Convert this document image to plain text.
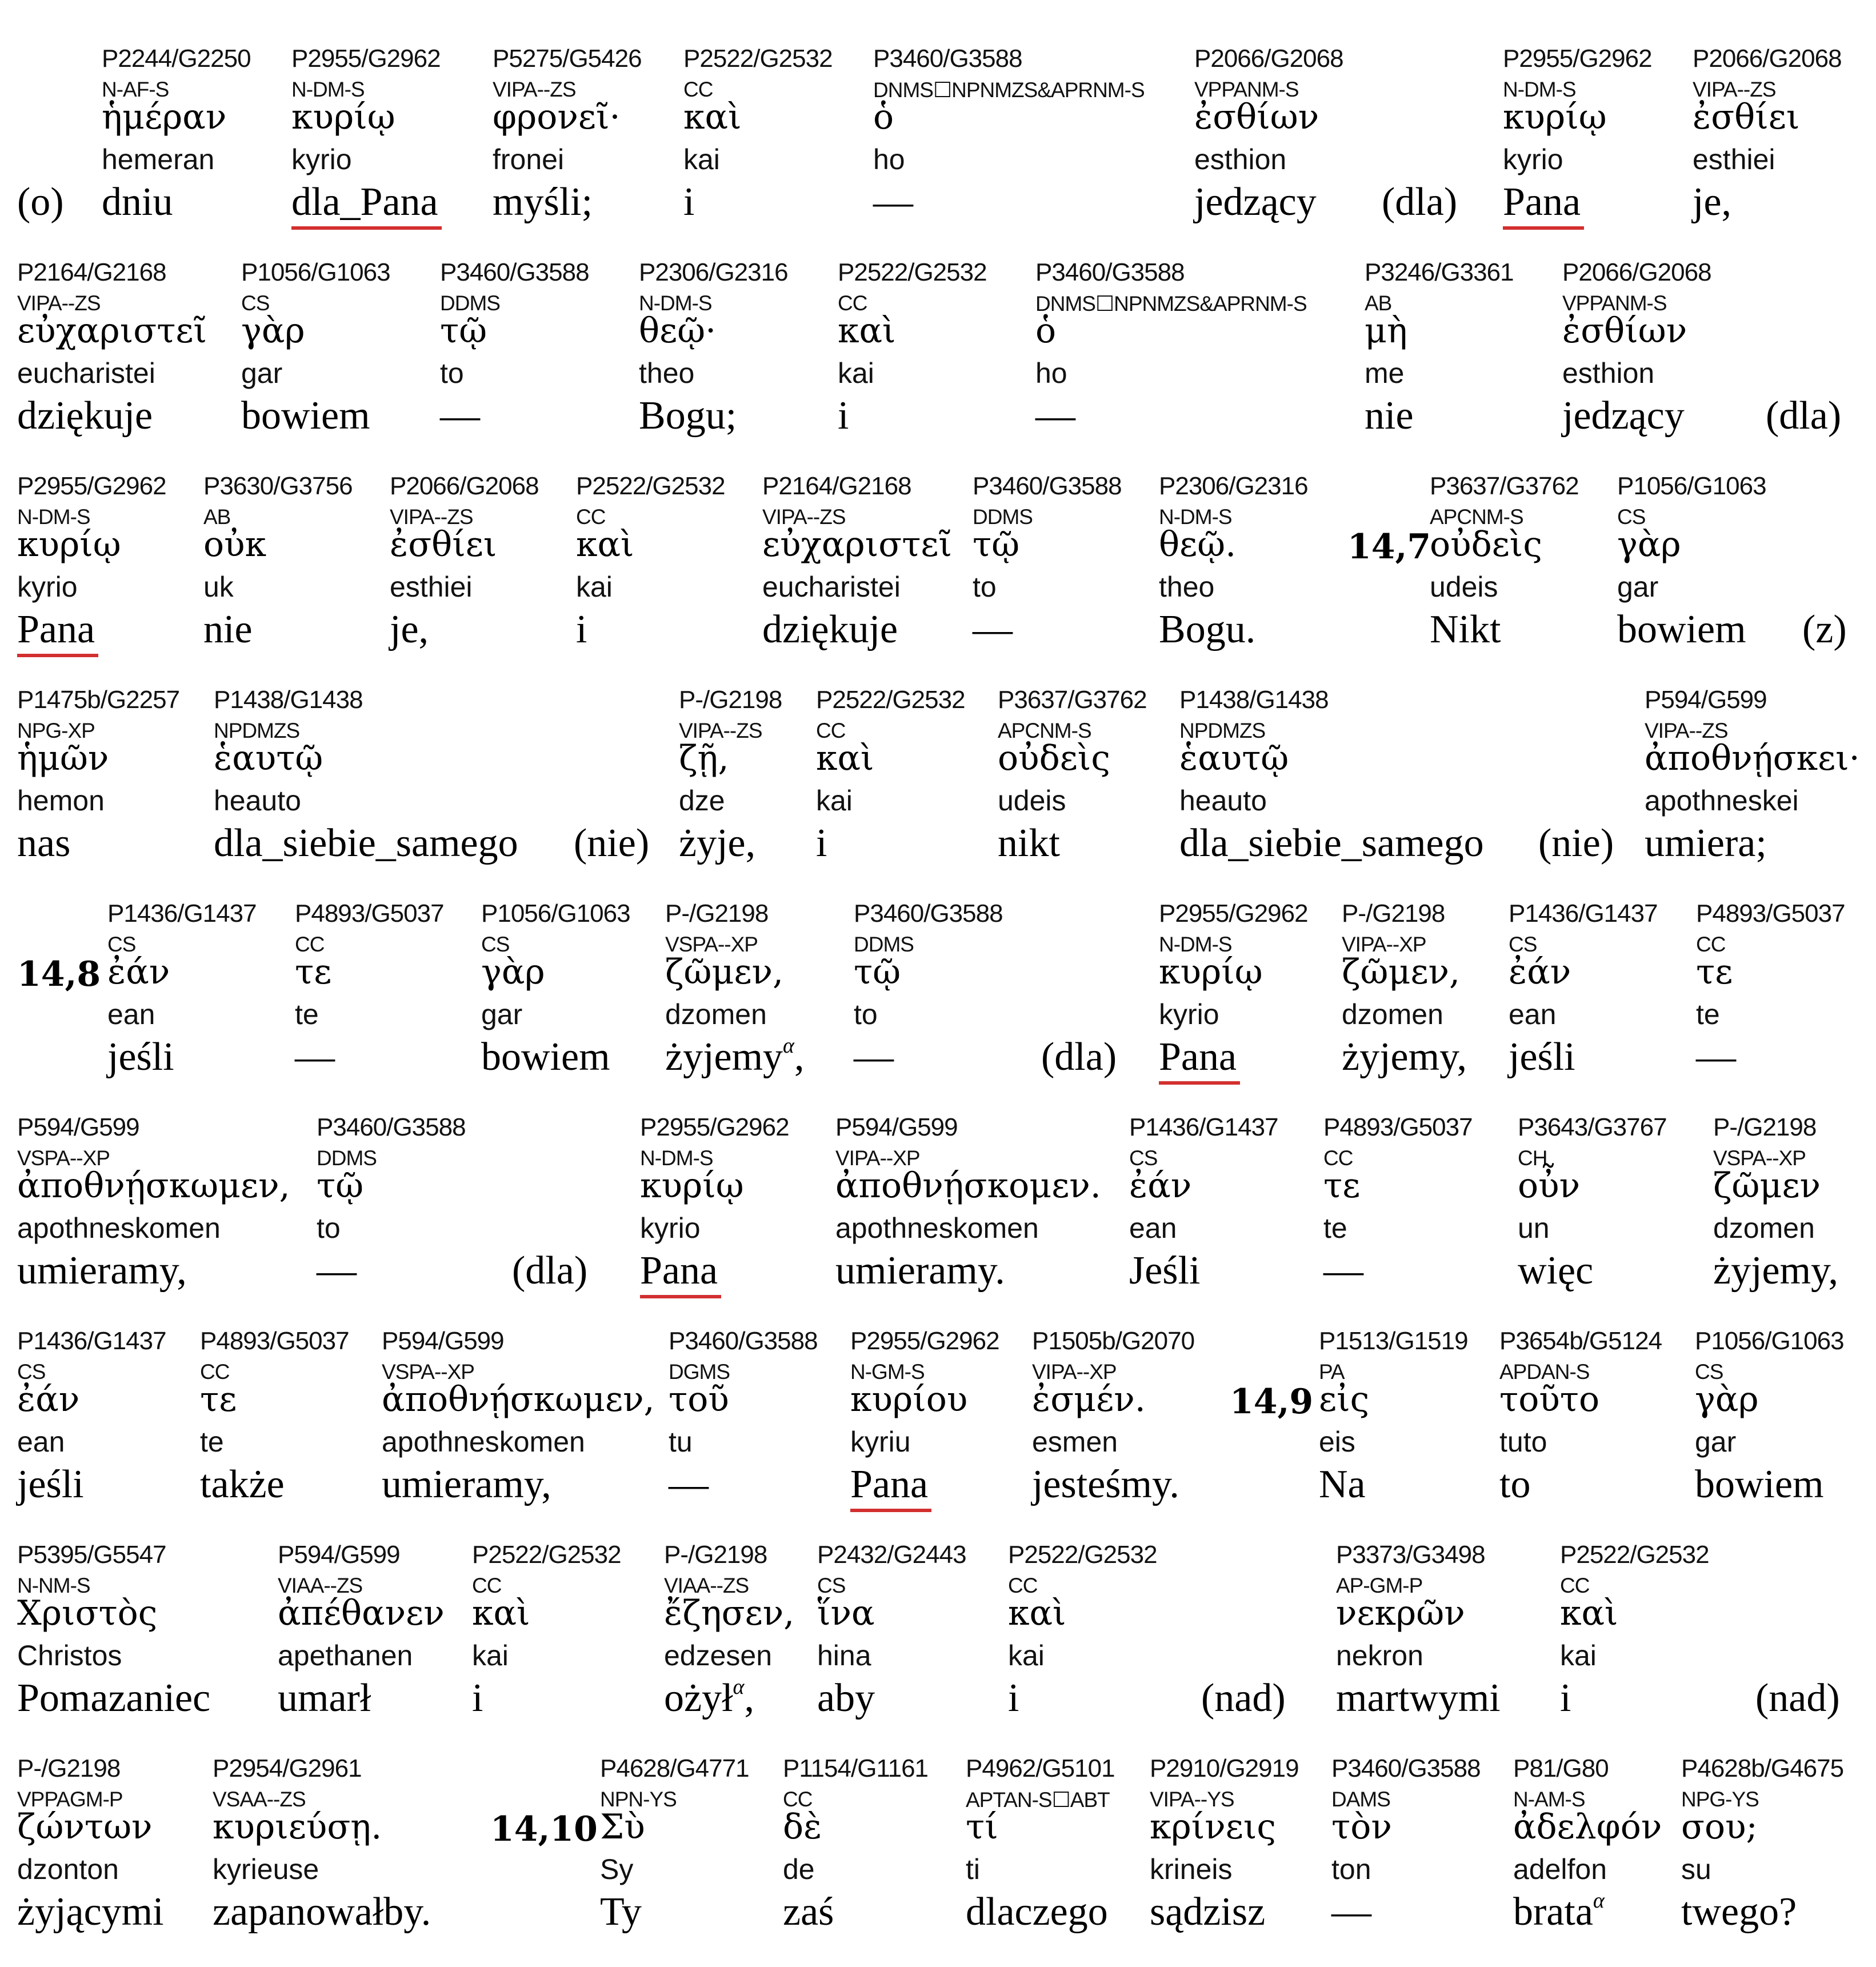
(o)
P2244/G2250
N-AF-S
ἡμέραν
hemeran
dniu
P2955/G2962
N-DM-S
κυρίῳ
kyrio
dla_Pana
P5275/G5426
VIPA--ZS
φρονεῖ·
fronei
myśli;
P2522/G2532
CC
καὶ
kai
i
P3460/G3588
DNMS☐NPNMZS&APRNM-S
ὁ
ho
—
P2066/G2068
VPPANM-S
ἐσθίων
esthion
jedzący (dla)
P2955/G2962
N-DM-S
κυρίῳ
kyrio
Pana
P2066/G2068
VIPA--ZS
ἐσθίει
esthiei
je,
P2164/G2168
VIPA--ZS
εὐχαριστεῖ
eucharistei
dziękuje
P1056/G1063
CS
γὰρ
gar
bowiem
P3460/G3588
DDMS
τῷ
to
—
P2306/G2316
N-DM-S
θεῷ·
theo
Bogu;
P2522/G2532
CC
καὶ
kai
i
P3460/G3588
DNMS☐NPNMZS&APRNM-S
ὁ
ho
—
P3246/G3361
AB
μὴ
me
nie
P2066/G2068
VPPANM-S
ἐσθίων
esthion
jedzący (dla)
P2955/G2962
N-DM-S
κυρίῳ
kyrio
Pana
P3630/G3756
AB
οὐκ
uk
nie
P2066/G2068
VIPA--ZS
ἐσθίει
esthiei
je,
P2522/G2532
CC
καὶ
kai
i
P2164/G2168
VIPA--ZS
εὐχαριστεῖ
eucharistei
dziękuje
P3460/G3588
DDMS
τῷ
to
—
P2306/G2316
N-DM-S
θεῷ.
theo
Bogu.
14,7
P3637/G3762
APCNM-S
οὐδεὶς
udeis
Nikt
P1056/G1063
CS
γὰρ
gar
bowiem (z)
P1475b/G2257
NPG-XP
ἡμῶν
hemon
nas
P1438/G1438
NPDMZS
ἑαυτῷ
heauto
dla_siebie_samego (nie)
P-/G2198
VIPA--ZS
ζῇ,
dze
żyje,
P2522/G2532
CC
καὶ
kai
i
P3637/G3762
APCNM-S
οὐδεὶς
udeis
nikt
P1438/G1438
NPDMZS
ἑαυτῷ
heauto
dla_siebie_samego (nie)
P594/G599
VIPA--ZS
ἀποθνῄσκει·
apothneskei
umiera;
14,8
P1436/G1437
CS
ἐάν
ean
jeśli
P4893/G5037
CC
τε
te
—
P1056/G1063
CS
γὰρ
gar
bowiem
P-/G2198
VSPA--XP
ζῶμεν,
dzomen
żyjemy$^\alpha$,
P3460/G3588
DDMS
τῷ
to
—	(dla)
P2955/G2962
N-DM-S
κυρίῳ
kyrio
Pana
P-/G2198
VIPA--XP
ζῶμεν,
dzomen
żyjemy,
P1436/G1437
CS
ἐάν
ean
jeśli
P4893/G5037
CC
τε
te
—
P594/G599
VSPA--XP
ἀποθνῄσκωμεν,
apothneskomen
umieramy,
P3460/G3588
DDMS
τῷ
to
—	(dla)
P2955/G2962
N-DM-S
κυρίῳ
kyrio
Pana
P594/G599
VIPA--XP
ἀποθνῄσκομεν.
apothneskomen
umieramy.
P1436/G1437
CS
ἐάν
ean
Jeśli
P4893/G5037
CC
τε
te
—
P3643/G3767
CH
οὖν
un
więc
P-/G2198
VSPA--XP
ζῶμεν
dzomen
żyjemy,
P1436/G1437
CS
ἐάν
ean
jeśli
P4893/G5037
CC
τε
te
także
P594/G599
VSPA--XP
ἀποθνῄσκωμεν,
apothneskomen
umieramy,
P3460/G3588
DGMS
τοῦ
tu
—
P2955/G2962
N-GM-S
κυρίου
kyriu
Pana
P1505b/G2070
VIPA--XP
ἐσμέν.
esmen
jesteśmy.
14,9
P1513/G1519
PA
εἰς
eis
Na
P3654b/G5124
APDAN-S
τοῦτο
tuto
to
P1056/G1063
CS
γὰρ
gar
bowiem
P5395/G5547
N-NM-S
Χριστὸς
Christos
Pomazaniec
P594/G599
VIAA--ZS
ἀπέθανεν
apethanen
umarł
P2522/G2532
CC
καὶ
kai
i
P-/G2198
VIAA--ZS
ἔζησεν,
edzesen
ożył$^\alpha$,
P2432/G2443
CS
ἵνα
hina
aby
P2522/G2532
CC
καὶ
kai
i	(nad)
P3373/G3498
AP-GM-P
νεκρῶν
nekron
martwymi
P2522/G2532
CC
καὶ
kai
i	(nad)
P-/G2198
VPPAGM-P
ζώντων
dzonton
żyjącymi
P2954/G2961
VSAA--ZS
κυριεύσῃ.
kyrieuse
zapanowałby.
14,10
P4628/G4771
NPN-YS
Σὺ
Sy
Ty
P1154/G1161
CC
δὲ
de
zaś
P4962/G5101
APTAN-S☐ABT
τί
ti
dlaczego
P2910/G2919
VIPA--YS
κρίνεις
krineis
sądzisz
P3460/G3588
DAMS
τὸν
ton
—
P81/G80
N-AM-S
ἀδελφόν
adelfon
brata$^\alpha$
P4628b/G4675
NPG-YS
σου;
su
twego?
